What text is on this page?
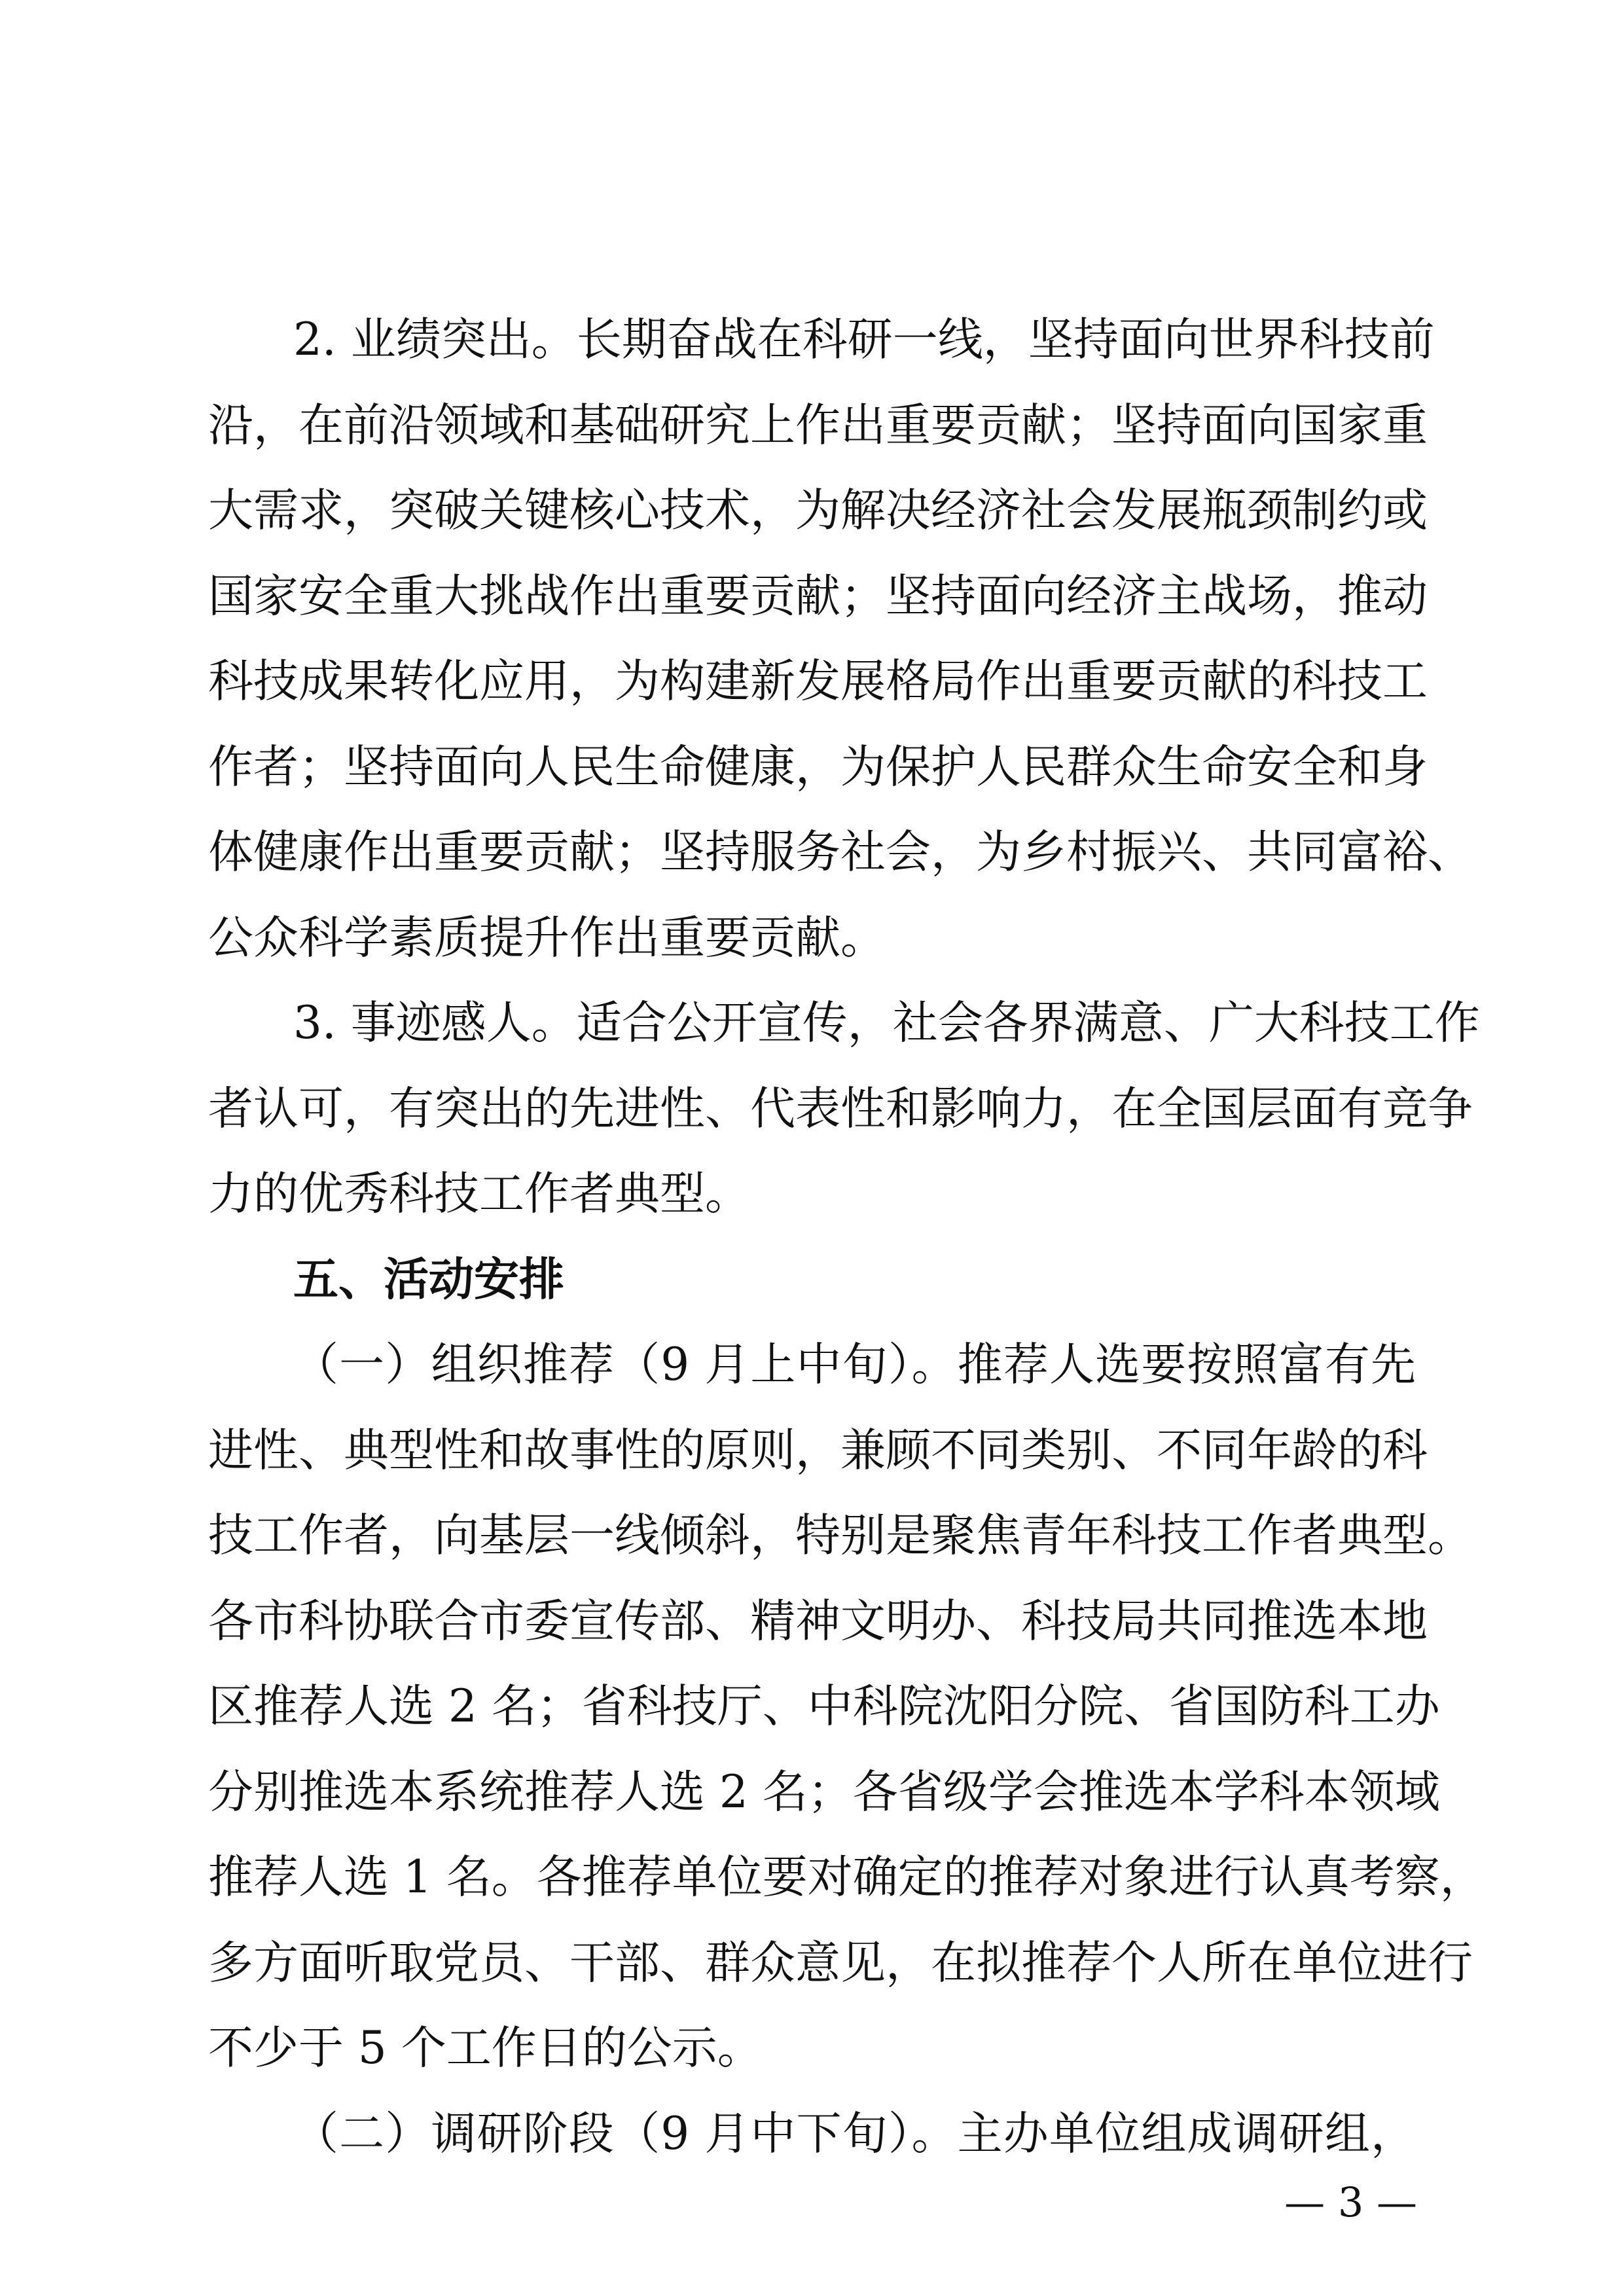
2. 业绩突出。长期奋战在科研一线，坚持面向世界科技前
沿，在前沿领域和基础研究上作出重要贡献；坚持面向国家重
大需求，突破关键核心技术，为解决经济社会发展瓶颈制约或
国家安全重大挑战作出重要贡献；坚持面向经济主战场，推动
科技成果转化应用，为构建新发展格局作出重要贡献的科技工
作者；坚持面向人民生命健康，为保护人民群众生命安全和身
体健康作出重要贡献；坚持服务社会，为乡村振兴、共同富裕、
公众科学素质提升作出重要贡献。
3. 事迹感人。适合公开宣传，社会各界满意、广大科技工作
者认可，有突出的先进性、代表性和影响力，在全国层面有竞争
力的优秀科技工作者典型。
五、活动安排
（一）组织推荐（9 月上中旬）。推荐人选要按照富有先
进性、典型性和故事性的原则，兼顾不同类别、不同年龄的科
技工作者，向基层一线倾斜，特别是聚焦青年科技工作者典型。
各市科协联合市委宣传部、精神文明办、科技局共同推选本地
区推荐人选 2 名；省科技厅、中科院沈阳分院、省国防科工办
分别推选本系统推荐人选 2 名；各省级学会推选本学科本领域
推荐人选 1 名。各推荐单位要对确定的推荐对象进行认真考察，
多方面听取党员、干部、群众意见，在拟推荐个人所在单位进行
不少于 5 个工作日的公示。
（二）调研阶段（9 月中下旬）。主办单位组成调研组，
— 3 —
